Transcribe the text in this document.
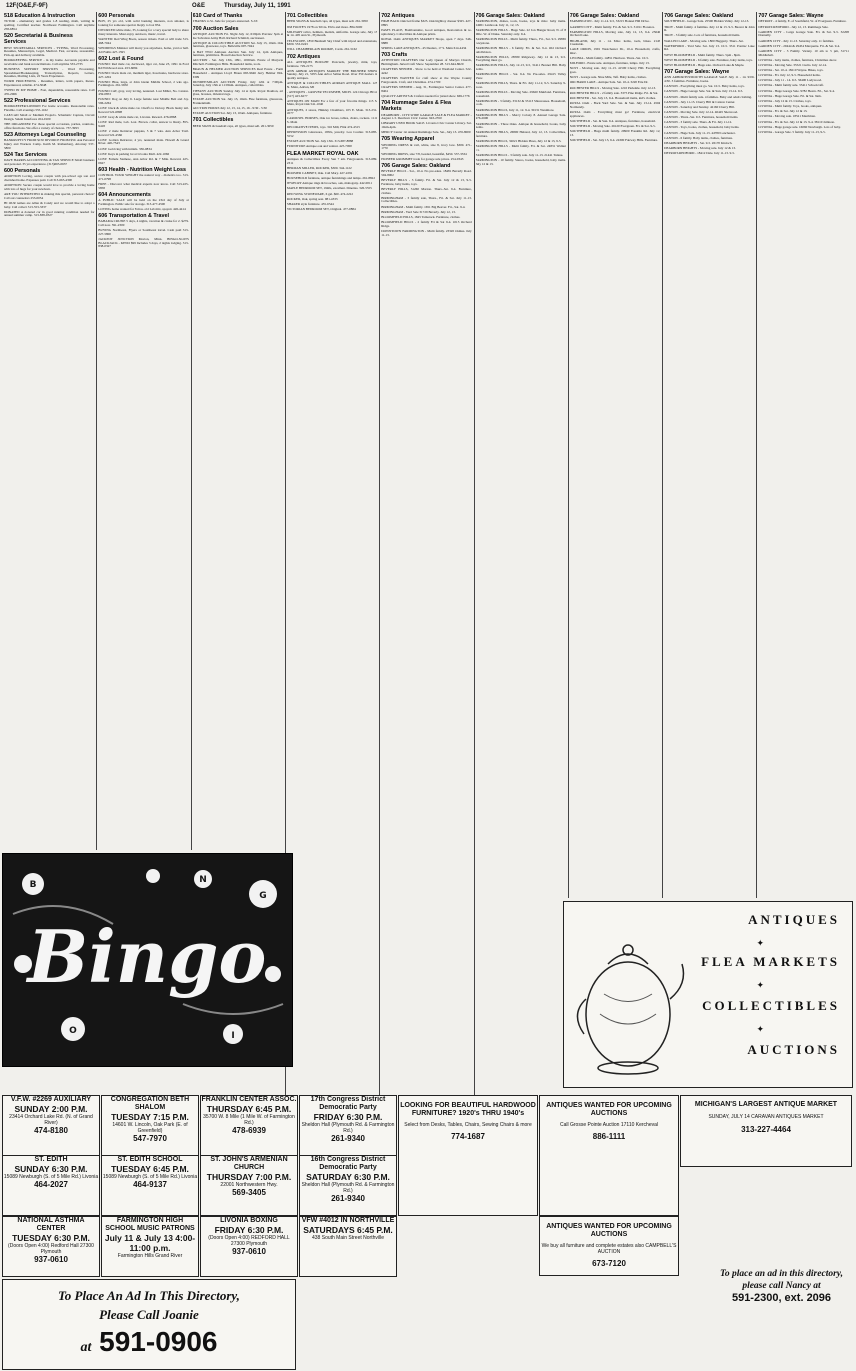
12F(O&E,F-9F)	O&E	Thursday, July 11, 1991
518 Education & Instruction
TUTOR - elementary and grades 1-8 reading, math, writing & spelling. Certified teacher. Northwest Farmington. Call anytime 258-6854
520 Secretarial & Business Services
BEST SECRETARIAL SERVICES - TYPING, Word Processing, Resumes, Manuscripts, Legal, Medical. Fast, accurate, reasonable. Pick-up and delivery available.
BOOKKEEPING SERVICE - in my home. Accounts payable and receivable and bank reconciliations. Call anytime 533-2735
BUSINESS SUPPORT SERVICES - Word Processing, Spreadsheet/Bookkeeping, Transcription, Reports, Letters, Resumes, Mailing Lists, 22 Years Experience.
WORD PROCESSING - Resumes, letters, term papers, theses. Experienced, reliable. 474-3048
TYPED IN MY HOME - Fast, dependable, reasonable rates. Call 476-2066
522 Professional Services
BOOKKEEPER/LONDON For home accounts. Reasonable rates. Flexible. Call evenings 555-1162
CAE/CAD Small or Medium Projects. Schematic Capture, Circuit Design. Salem Interfaces 454-0100
THE ORGANIZER For those special occasions, parties, reunions, office functions. We offer a variety of choices. 737-3993
523 Attorneys Legal Counseling
BANKRUPTCY FROM $150 DIVORCE FROM $50. Ask Personal Injury and Workers Comp. Keith M. Rothenberg, Attorney 537-5800
524 Tax Services
DAVE HARRIS ACCOUNTING & TAX SERVICE Small business and personal. 35 yrs experience. (313)665-0637
600 Personals
ADOPTION Loving, secure couple with pre-school age son and cherished home. Expenses paid. Call 313-665-4300
ADOPTION: Secure couple would love to provide a loving home with lots of hugs for your newborn.
ARE YOU INTERESTED in making this special, personal choice? Call our counselors 253-0054
HI OUR names are Allan & Candy and we would like to adopt a baby. Call collect 313-553-3337
DONATED A donated car in good running condition needed for annual summer camp. 313-838-0327
600 Personals
BOY, 25 yrs old, with solid banking interests, non smoker, is looking for someone special. Reply to box 834.
DIVORCED white male, 35, looking for a very special lady to share many interests. Must enjoy outdoors, music, travel.
WANTED: Red Wing Boots, season tickets. Paid or will trade 313-468-7044
WEDDINGS Minister will marry you anywhere, home, yard or hall. All Faiths 427-1595
602 Lost & Found
FOUND: Red male cat, declawed, tiger cat, June 23, 1991 in Ford Rd/Wildwood area. 453-6084
FOUND: black male cat, medium tiger, Kosciusko, hardware store. 427-1204
FOUND: Blue, large, at John Glenn Middle School, 2 wks ago. Farmington. 261-5650
FOUND CAT, gray, very loving, neutered. Lost Miller, No. Canton. 459-0853
FOUND: Dog on July 6. Large female near Middle Belt and Joy. 596-2264
LOST: black & white male cat. Cheif's to Dolcey. Black bushy tail. Reward 522-6898
LOST: Gray & white male cat, Livonia. Reward. 476-0868
LOST: Red male, Lab. Lost. Brown. collar, answer to Rusty. 855-9418
LOST: 2 male Retriever puppies, 5 & 7 wks. Ann Arbor Trail. Reward 522-4566
LOST: Golden Retriever, 4 yrs, neutered male. Howell & Grand River. 420-7543
LOST: Gold ring with initials. 336-0834
LOST: Keys in parking lot at Livonia Mall. 422-1066
LOST: Female Siamese, Ann Arbor Rd. & 7 Mile. Reward. 425-0627
603 Health - Nutrition Weight Loss
CONTROL YOUR WEIGHT the natural way - diabetics too. 313-471-0798
FREE - Discover what medical experts now know. Call 313-225-5858
604 Announcements
A PUBLIC SALE will be held on the 23rd day of July at Farmington. Public sale for storage. 313-477-4500
LOVING home wanted for 8 mos. old Lab mix, spayed. 426-4414
606 Transportation & Travel
BAHAMA CRUISE 5 days, 4 nights, vacation & cruise for 2. $279. Call now. 591-2300
BUYING Northwest, Flyers or Southwest travel. Cash paid 313-227-5800
JACKPOT JUNCTION Morton, Minn. BINGO-SLOTS BLACKJACK - KENO $99 Includes 3 days, 2 nights lodging. 313-838-0327
610 Card of Thanks
THANKS to St. Jude for prayers answered. S.J.P.
700 Auction Sales
ANTIQUE AUCTION Fri. Night July 12, 6:00pm Preview 5pm at the Salvation Army Hall. Richard Schmidt, auctioneer.
ANTIQUE & COLLECTIBLE AUCTION Sat. July 13, 10am. Oak furniture, glassware, toys. Belleville 697-7044
A BAT TWO Antiques Auction Sun. July 14, 1pm Antiques, furniture, primitives. Howell Auction Service.
AUCTION - Sat. July 13th, 1991, 10:00am. Estate of Marjorie Mitchell. Farmington Hills. Household items, tools.
BRAUN & HELMER AUCTION SERVICES Real Estate - Farm Household - Antiques Lloyd Braun 665-9646 Jerry Helmer 994-6309
DUNDEE/MILAN AUCTION Friday, July 12th at 7:00pm. Saturday, July 13th at 11:00am. Antiques, collectibles.
TIFFANY AUCTION Sunday July 14 at 2pm. Royal Doulton, art glass, bronzes, Oriental rugs.
ESTATE AUCTION Sat. July 13, 10am. Fine furniture, glassware, Frankenmuth.
AUCTION HOURS July 12, 13, 14, 15, 16 - 9:30 - 5:30
ESTATE AUCTION Sat. July 13, 10am. Antiques, furniture.
701 Collectibles
BEER SIGNS & baseball caps, all types, must sell. 261-3050
701 Collectibles
BEER SIGNS & baseball caps, all types, must sell. 261-3050
JIM FOOTE'S 1978 on Trivia. Elvis and more. 884-5600
MILITARY relics, helmets, medals, uniforms. Garage sale, July 13 & 14. 405 Ann St., Plymouth.
TELESCOPE, 1850 Bushnell Sky Chief with tripod and extensions, $300. 553-0243
WILL CHAMBERLAIN ROOKIE, Cards. 261-5162
702 Antiques
ALL ANTIQUES BOUGHT Postcards, jewelry, mini, toys, furniture. 729-2175
ANN ARBOR ANTIQUES MARKET THE BRUSHER SHOW Sunday, July 21, 5055 Ann Arbor Saline Road. Over 350 dealers in quality antiques.
ANTIQUE & COLLECTIBLES ADRIAN ANTIQUE MALL 125 N. Main, Adrian, MI
- ANTIQUES - GROVER TECUMSEH, MICH. 124 Chicago Blvd. (517) 423-6277
ANTIQUES ON MAIN For a few of your favorite things. 115 S. Main, Royal Oak 541-1040
ANTIQUES, 2 stores, Hinkley Chambers, 105 E. Main. 313-231-4577
CAROUSEL HORSES, Oak ice boxes, tables, chairs, rockers. 1111 S. Main
DECORATIVE ITEMS, toys. 316 Mill, Flint 474-4315
DEPRESSION Glassware, 1950s, jewelry. Lou Coulter. 313-685-5552
ESTATE AUCTION Sat. July 13th. 313-687-8888
FURNITURE Antique oak and walnut. 425-7000
FLEA MARKET ROYAL OAK
Antiques & Collectibles Every Sun 7 am. Fairgrounds. 313-689-2311
HERMAN MILLER, ROCKER, $300. 344-1122
HOOSIER CABINET, Oak. Call Mary. 427-2291
HOUSEHOLD furniture, antique furnishings and lamps. 261-8822
JEWELRY Antique rings & brooches, oak, mahogany. 442-0011
MAPLE BEDROOM SET, 1940s, excellent. Dinettes. 326-5555
RED WING STONEWARE, 6 gal. $60. 474-2222
ROCKER, Oak, spring seat. 981-4333
SHAKER style furniture. 455-6544
VICTORIAN BEDROOM SET, Original. 477-0884
702 Antiques
HIGH BACK Oak bed frame $325. Oak highboy dresser $325. 427-0895
PAM'S PLACE, Bombonnière, Good antiques, Restoration & re-upholstery. Collectibles & Antique prints.
ROYAL OAK ANTIQUES MARKET Shops, open 7 days. 546-9888
SPRING LAKE ANTIQUES - 45 Dealers, 17 S. Main 614-4434
703 Crafts
ATTENTION CRAFTERS Our Lady Queen of Martyrs Church, Birmingham. Juried Craft Show. September 28. 313-644-8620
CRAFTERS NEEDED - Show to be held at Westland Center. 522-4242
CRAFTERS WANTED for craft show at the Wayne County Fairgrounds. Craft, and Christmas. 474-1700
CRAFTERS NEEDED - Aug. 31, Farmington Senior Center. 477-8404
QUALITY ARTISTS & Crafters needed for juried show. 669-1776
704 Rummage Sales & Flea Markets
DEARBORN - CITY-WIDE GARAGE SALE & FLEA MARKET - August 1-3. Dearborn Civic Center. 943-2350
LIBRARY USED BOOK SALE. Livonia Civic Center Library. Sat. 10am-4pm.
MERCY Center 1st Annual Rummage Sale. Sat., July 13. 476-8000
705 Wearing Apparel
WEDDING DRESS & veil, white, size 8, ivory lace. $300. 471-1770
WEDDING DRESS, size 7/8, beaded, beautiful, $450. 537-3334
PIONEER GROMMET trade for garage sale prices. 254-0343
706 Garage Sales: Oakland
BEVERLY HILLS - Sat., 10-4. No pre-sales. 18481 Beverly Road. 594-8002
BEVERLY HILLS - 3 family. Fri. & Sat. July 12 & 13, 9-5. Furniture, baby items, toys.
BEVERLY HILLS, 31260 Marion. Thurs.-Sat. 9-4. Furniture, clothes.
BIRMINGHAM - 3 family sale, Thurs., Fri. & Sat. July 11-13. Collectibles.
BIRMINGHAM - Multi family. 1651 Big Beaver. Fri., Sat. 9-4.
BIRMINGHAM - Yard Sale 31729 Beverly. July 12, 13.
BLOOMFIELD HILLS, 1845 Tamarack. Furniture, clothes.
BLOOMFIELD HILLS - 2 family Fri & Sat 9-4. 1015 Orchard Ridge.
DOWNTOWN FARMINGTON - Multi family. 23320 Osmus. July 11-13.
706 Garage Sales: Oakland
FARMINGTON, dishes, tools, books, toys & misc. baby items. 24901 Lanbrook. July 11, 12, 13.
FARMINGTON HILLS - Huge Sale. 22 Jon Hanger Road, N. of 8 Mile. W. of Drake. Saturday only. 9-4.
FARMINGTON HILLS - Multi family. Thurs., Fri., Sat. 9-5. 29865 Greystone.
FARMINGTON HILLS - 6 family. Fri. & Sat. 9-4. Old Orchard subdivision.
FARMINGTON HILLS, 28580 Ridgeway. July 12 & 13, 9-5. Everything must go.
FARMINGTON HILLS, July 12-13, 9-5, 31411 Bonnet Hill. Baby items.
FARMINGTON HILLS - Sat. 9-4. No Pre-sales. 29415 Valley View.
FARMINGTON HILLS, Thurs. & Fri. July 11-12, 9-5. Saturday 9-noon.
FARMINGTON HILLS - Moving Sale. 29620 Muirland. Furniture, household.
FARMINGTON - 3 family. 33132 & 33113 Shiawassee. Household, tools.
FARMINGTON HILLS, July 11, 12. 9-4. 30131 Westmore.
FARMINGTON HILLS - Mercy Colony 8. Annual Garage Sale. 476-2600
FARMINGTON - Three Oaks. Antique & household, books, baby items.
FARMINGTON HILLS, 26800 Halsted, July 12, 13. Collectibles, furniture.
FARMINGTON HILLS, 32021 Hidden Pines, July 12 & 13, 9-5.
FARMINGTON HILLS - Multi family. Fri. & Sat. 24831 Walnut Ct.
FARMINGTON HILLS - 3 family sale. July 11-13. 21441 Tulane.
FARMINGTON - 10 family. Stereo, books, household, baby items. July 12 & 13.
706 Garage Sales: Oakland
FARMINGTON - July 11-14. 9-5, 33215 Bonnet Hill Drive.
GARDEN CITY - Multi family. Fri. & Sat. 9-5. 31011 Florence.
FARMINGTON HILLS, Moving sale, July 12, 13, 9-4. 25640 Orchard Lake.
HIGHLAND, July 11 - 14. Misc. items, tools, bikes. 2145 Creekside.
LAKE ORION, 1991 Westchester Dr., 10-4. Household, crafts, misc.
LIVONIA - Multi family. 14851 Harrison. Thurs.-Sat. 10-5.
MILFORD - Estate sale. Antiques, furniture, lamps. July 13.
NOVI - Moving sale. July 11-13. 41500 Cherry Hill. Everything goes.
NOVI - Garage sale. Nine Mile, Taft. Baby items, clothes.
ORCHARD LAKE - Antique Sale. Sat. 10-4. 3220 Erie Dr.
ROCHESTER HILLS - Moving Sale. 1210 Parkdale. July 12-13.
ROCHESTER HILLS - 2 family sale. 3375 Pine Ridge. Fri. & Sat.
ROCHESTER - Sat. July 13, 9-4. Household items, kid's clothes.
ROYAL OAK - Back Yard Sale. Sat. & Sun. July 13-14. 4504 Normandy.
ROYAL OAK - Everything must go! Furniture, electrical appliances.
SOUTHFIELD - Sat. & Sun. 9-4. Antiques, furniture, household.
SOUTHFIELD - Moving Sale. 26120 Evergreen. Fri. & Sat. 9-5.
SOUTHFIELD - Huge multi family. 29900 Franklin Rd. July 12, 13.
SOUTHFIELD - Sat. July 13, 9-4. 24300 Fairway Hills. Furniture.
706 Garage Sales: Oakland
SOUTHFIELD - Garage Sale. 25500 Hidden Valley. July 12-13.
TROY - Multi family. 4 families. July 12 & 13. 9-5. Beaver & John R.
TROY - 3 family sale. Lots of furniture, household items.
WALLED LAKE - Moving sale. 1800 Haggerty. Thurs.-Sat.
WATERFORD - Yard Sale. Sat. July 13. 10-5. 3311 Pontiac Lake Rd.
WEST BLOOMFIELD - Multi family. Thurs. 5pm - 8pm.
WEST BLOOMFIELD - 6 family sale. Furniture, baby items, toys.
WEST BLOOMFIELD - Huge sale. Orchard Lake & Maple.
707 Garage Sales: Wayne
ANN ARBOR/PLYMOUTH GARAGE SALE July 11 - 14. 9:00-4:30. 3 families. Furniture, books.
CANTON - Everything must go. Sat. 10-5. Baby items, toys.
CANTON - Huge Garage Sale. Sat. & Sun. July 13-14. 9-5.
CANTON - Multi family sale. 4 families. Baby and adult clothing.
CANTON - July 11-13. Cherry Hill & Canton Center.
CANTON - Saturday and Sunday. 42160 Cherry Hill.
CANTON - Moving Sale. July 12-14. 46445 Sherwood.
CANTON - Thurs.-Sat. 9-5. Furniture, household items.
CANTON - 3 family sale. Thurs. & Fri. July 11-12.
CANTON - Toys, books, clothes, household, baby items.
CANTON - Huge Sale. July 11-13. 44780 Lanchester.
CANTON - 6 family. Baby items, clothes, furniture.
DEARBORN HEIGHTS - Sat. 9-5. 26170 Kinloch.
DEARBORN HEIGHTS - Moving sale. July 12 & 13.
DETROIT-REDFORD - 18412 Dale. July 11-13. 9-5.
707 Garage Sales: Wayne
DETROIT - 4 family, E. of Southfield, W. of Evergreen. Furniture.
DETROIT-REDFORD - July 12, 13. Rummage Sale.
GARDEN CITY - Large Garage Sale. Fri. & Sat. 9-5. 32208 Donnelly.
GARDEN CITY - July 11-13. Saturday only. 11 families.
GARDEN CITY - 29444 & 29454 Marquette. Fri. & Sat. 9-4.
GARDEN CITY - 3 Family. Variety. 10 am to 5 pm, 31711 Middlebelt.
LIVONIA - baby items, clothes, furniture, Christmas decor.
LIVONIA - Moving Sale. 35521 Curtis. July 12-14.
LIVONIA - Sat. 10-4. 18210 Wayne. Bikes, toys.
LIVONIA - Fri. July 12, 9-5. Household items.
LIVONIA - July 11 - 14. 9-5. 36400 Ladywood.
LIVONIA - Multi family sale. 35411 Schoolcraft.
LIVONIA - Huge Garage Sale. 9782 Hearn. Fri., Sat. 9-4.
LIVONIA - Huge Garage Sale. Fri. & Sat. 9am.
LIVONIA - July 12 & 13. Clothes, toys.
LIVONIA - Multi family. Toys, books, antiques.
LIVONIA - Fri. & Sat. July 12 & 13.
LIVONIA - Moving sale. 18521 Merriman.
LIVONIA - Fri. & Sat. July 12 & 13. 9-4. 38110 Jamison.
LIVONIA - Huge garage sale. 16060 Newburgh. Lots of baby.
LIVONIA - Garage Sale. 5 family. July 11-13, 9-5.
B
G
O	I
N
Bingo	ANTIQUES
✦
FLEA MARKETS
✦
COLLECTIBLES
✦
AUCTIONS
V.F.W. #2269 AUXILIARY
SUNDAY 2:00 P.M.
23414 Orchard Lake Rd. (N. of Grand River)
474-8180
CONGREGATION BETH SHALOM
TUESDAY 7:15 P.M.
14601 W. Lincoln, Oak Park (E. of Greenfield)
547-7970
FRANKLIN CENTER ASSOC.
THURSDAY 6:45 P.M.
35700 W. 8 Mile (1 Mile W. of Farmington Rd.)
478-6939
17th Congress District Democratic Party
FRIDAY 6:30 P.M.
Sheldon Hall (Plymouth Rd. & Farmington Rd.)
261-9340
ST. EDITH
SUNDAY 6:30 P.M.
15089 Newburgh (S. of 5 Mile Rd.) Livonia
464-2027
ST. EDITH SCHOOL
TUESDAY 6:45 P.M.
15089 Newburgh (S. of 5 Mile Rd.) Livonia
464-9137
ST. JOHN'S ARMENIAN CHURCH
THURSDAY 7:00 P.M.
22001 Northwestern Hwy.
569-3405
16th Congress District Democratic Party
SATURDAY 6:30 P.M.
Sheldon Hall (Plymouth Rd. & Farmington Rd.)
261-9340
NATIONAL ASTHMA CENTER
TUESDAY 6:30 P.M.
(Doors Open 4:00) Redford Hall 27300 Plymouth
937-0610
FARMINGTON HIGH SCHOOL MUSIC PATRONS
July 11 & July 13 4:00-11:00 p.m.
Farmington Hills Grand River
LIVONIA BOXING
FRIDAY 6:30 P.M.
(Doors Open 4:00) REDFORD HALL 27300 Plymouth
937-0610
VFW #4012 IN NORTHVILLE
SATURDAYS 6:45 P.M.
438 South Main Street Northville
LOOKING FOR BEAUTIFUL HARDWOOD FURNITURE? 1920's THRU 1940's
Select from Desks, Tables, Chairs, Sewing Chairs & more
774-1687
ANTIQUES WANTED FOR UPCOMING AUCTIONS
Call Grosse Pointe Auction 17110 Kercheval
886-1111
ANTIQUES WANTED FOR UPCOMING AUCTIONS
We buy all furniture and complete estates also CAMPBELL'S AUCTION
673-7120
MICHIGAN'S LARGEST ANTIQUE MARKET
SUNDAY, JULY 14 CARAVAN ANTIQUES MARKET
313-227-4464
To Place An Ad In This Directory,
Please Call Joanie
at 591-0906
To place an ad in this directory, please call Nancy at
591-2300, ext. 2096
